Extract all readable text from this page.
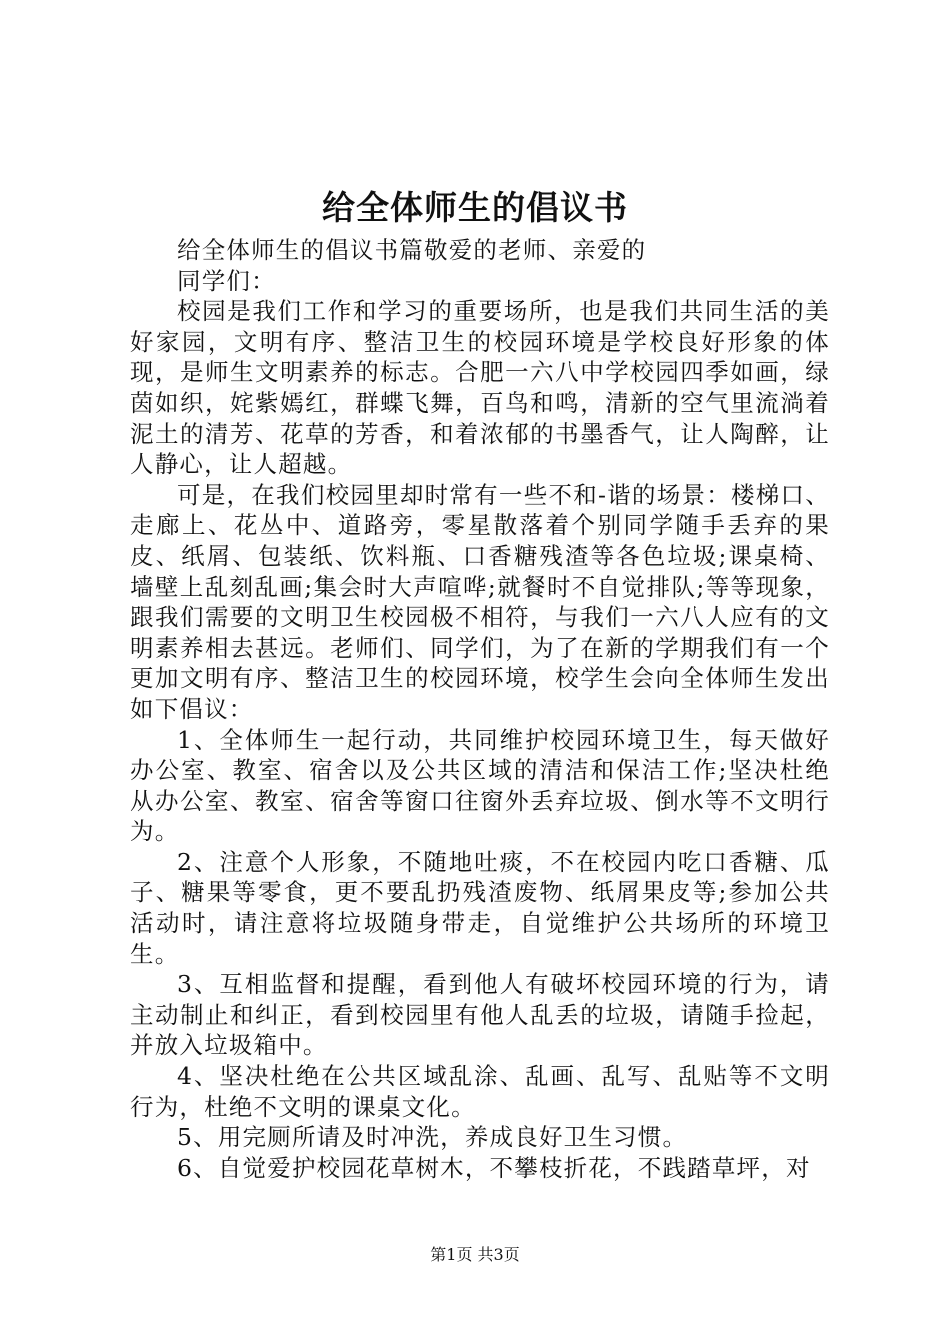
给全体师生的倡议书

给全体师生的倡议书篇敬爱的老师、亲爱的

同学们：

校园是我们工作和学习的重要场所，也是我们共同生活的美好家园，文明有序、整洁卫生的校园环境是学校良好形象的体现，是师生文明素养的标志。合肥一六八中学校园四季如画，绿茵如织，姹紫嫣红，群蝶飞舞，百鸟和鸣，清新的空气里流淌着泥土的清芳、花草的芳香，和着浓郁的书墨香气，让人陶醉，让人静心，让人超越。

可是，在我们校园里却时常有一些不和-谐的场景：楼梯口、走廊上、花丛中、道路旁，零星散落着个别同学随手丢弃的果皮、纸屑、包装纸、饮料瓶、口香糖残渣等各色垃圾;课桌椅、墙壁上乱刻乱画;集会时大声喧哗;就餐时不自觉排队;等等现象，跟我们需要的文明卫生校园极不相符，与我们一六八人应有的文明素养相去甚远。老师们、同学们，为了在新的学期我们有一个更加文明有序、整洁卫生的校园环境，校学生会向全体师生发出如下倡议：

1、全体师生一起行动，共同维护校园环境卫生，每天做好办公室、教室、宿舍以及公共区域的清洁和保洁工作;坚决杜绝从办公室、教室、宿舍等窗口往窗外丢弃垃圾、倒水等不文明行为。

2、注意个人形象，不随地吐痰，不在校园内吃口香糖、瓜子、糖果等零食，更不要乱扔残渣废物、纸屑果皮等;参加公共活动时，请注意将垃圾随身带走，自觉维护公共场所的环境卫生。

3、互相监督和提醒，看到他人有破坏校园环境的行为，请主动制止和纠正，看到校园里有他人乱丢的垃圾，请随手捡起，并放入垃圾箱中。

4、坚决杜绝在公共区域乱涂、乱画、乱写、乱贴等不文明行为，杜绝不文明的课桌文化。

5、用完厕所请及时冲洗，养成良好卫生习惯。

6、自觉爱护校园花草树木，不攀枝折花，不践踏草坪，对

第1页 共3页
